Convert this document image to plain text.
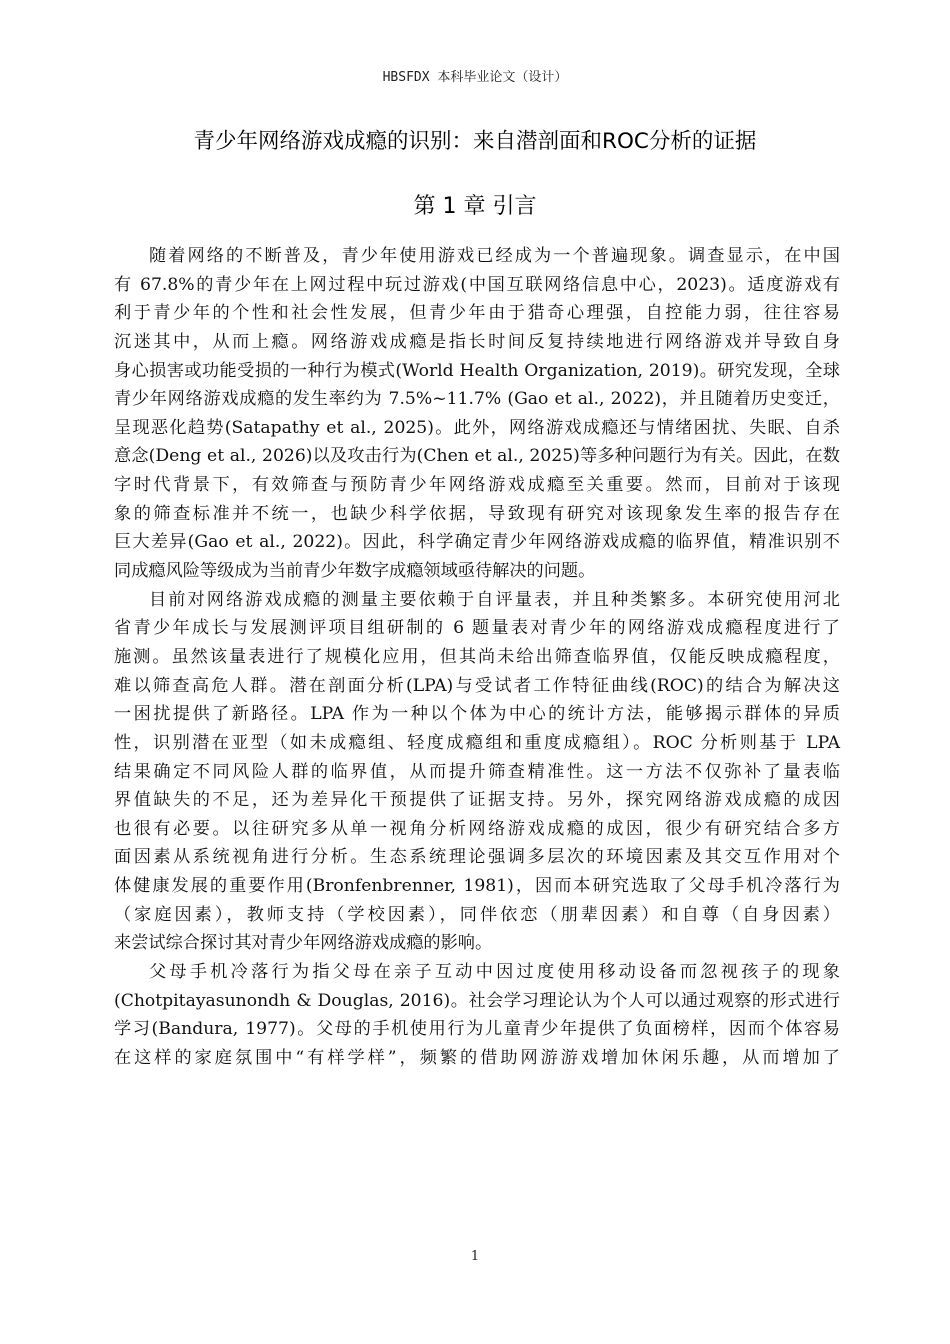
HBSFDX 本科毕业论文（设计）
青少年网络游戏成瘾的识别：来自潜剖面和ROC分析的证据
第 1 章 引言
随着网络的不断普及，青少年使用游戏已经成为一个普遍现象。调查显示，在中国
有 67.8%的青少年在上网过程中玩过游戏(中国互联网络信息中心，2023)。适度游戏有
利于青少年的个性和社会性发展，但青少年由于猎奇心理强，自控能力弱，往往容易
沉迷其中，从而上瘾。网络游戏成瘾是指长时间反复持续地进行网络游戏并导致自身
身心损害或功能受损的一种行为模式(World Health Organization, 2019)。研究发现，全球
青少年网络游戏成瘾的发生率约为 7.5%~11.7% (Gao et al., 2022)，并且随着历史变迁，
呈现恶化趋势(Satapathy et al., 2025)。此外，网络游戏成瘾还与情绪困扰、失眠、自杀
意念(Deng et al., 2026)以及攻击行为(Chen et al., 2025)等多种问题行为有关。因此，在数
字时代背景下，有效筛查与预防青少年网络游戏成瘾至关重要。然而，目前对于该现
象的筛查标准并不统一，也缺少科学依据，导致现有研究对该现象发生率的报告存在
巨大差异(Gao et al., 2022)。因此，科学确定青少年网络游戏成瘾的临界值，精准识别不
同成瘾风险等级成为当前青少年数字成瘾领域亟待解决的问题。
目前对网络游戏成瘾的测量主要依赖于自评量表，并且种类繁多。本研究使用河北
省青少年成长与发展测评项目组研制的 6 题量表对青少年的网络游戏成瘾程度进行了
施测。虽然该量表进行了规模化应用，但其尚未给出筛查临界值，仅能反映成瘾程度，
难以筛查高危人群。潜在剖面分析(LPA)与受试者工作特征曲线(ROC)的结合为解决这
一困扰提供了新路径。LPA 作为一种以个体为中心的统计方法，能够揭示群体的异质
性，识别潜在亚型（如未成瘾组、轻度成瘾组和重度成瘾组）。ROC 分析则基于 LPA
结果确定不同风险人群的临界值，从而提升筛查精准性。这一方法不仅弥补了量表临
界值缺失的不足，还为差异化干预提供了证据支持。另外，探究网络游戏成瘾的成因
也很有必要。以往研究多从单一视角分析网络游戏成瘾的成因，很少有研究结合多方
面因素从系统视角进行分析。生态系统理论强调多层次的环境因素及其交互作用对个
体健康发展的重要作用(Bronfenbrenner, 1981)，因而本研究选取了父母手机冷落行为
（家庭因素），教师支持（学校因素），同伴依恋（朋辈因素）和自尊（自身因素）
来尝试综合探讨其对青少年网络游戏成瘾的影响。
父母手机冷落行为指父母在亲子互动中因过度使用移动设备而忽视孩子的现象
(Chotpitayasunondh & Douglas, 2016)。社会学习理论认为个人可以通过观察的形式进行
学习(Bandura, 1977)。父母的手机使用行为儿童青少年提供了负面榜样，因而个体容易
在这样的家庭氛围中“有样学样”，频繁的借助网游游戏增加休闲乐趣，从而增加了
1
